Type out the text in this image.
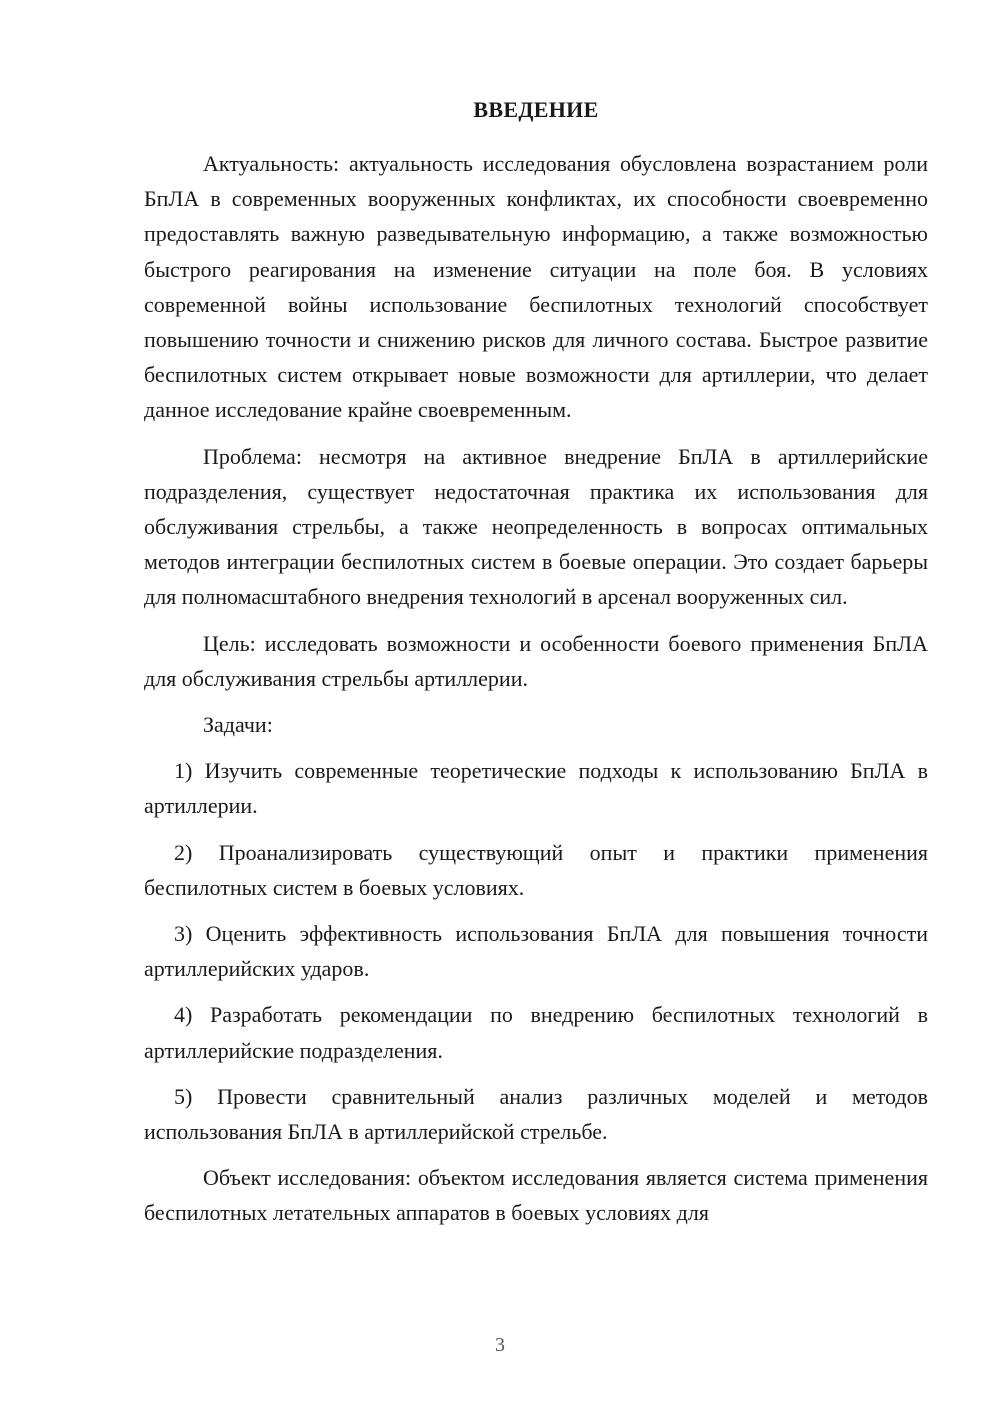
ВВЕДЕНИЕ

Актуальность: актуальность исследования обусловлена возрастанием роли БпЛА в современных вооруженных конфликтах, их способности своевременно предоставлять важную разведывательную информацию, а также возможностью быстрого реагирования на изменение ситуации на поле боя. В условиях современной войны использование беспилотных технологий способствует повышению точности и снижению рисков для личного состава. Быстрое развитие беспилотных систем открывает новые возможности для артиллерии, что делает данное исследование крайне своевременным.

Проблема: несмотря на активное внедрение БпЛА в артиллерийские подразделения, существует недостаточная практика их использования для обслуживания стрельбы, а также неопределенность в вопросах оптимальных методов интеграции беспилотных систем в боевые операции. Это создает барьеры для полномасштабного внедрения технологий в арсенал вооруженных сил.

Цель: исследовать возможности и особенности боевого применения БпЛА для обслуживания стрельбы артиллерии.

Задачи:

1) Изучить современные теоретические подходы к использованию БпЛА в артиллерии.

2) Проанализировать существующий опыт и практики применения беспилотных систем в боевых условиях.

3) Оценить эффективность использования БпЛА для повышения точности артиллерийских ударов.

4) Разработать рекомендации по внедрению беспилотных технологий в артиллерийские подразделения.

5) Провести сравнительный анализ различных моделей и методов использования БпЛА в артиллерийской стрельбе.

Объект исследования: объектом исследования является система применения беспилотных летательных аппаратов в боевых условиях для

3
